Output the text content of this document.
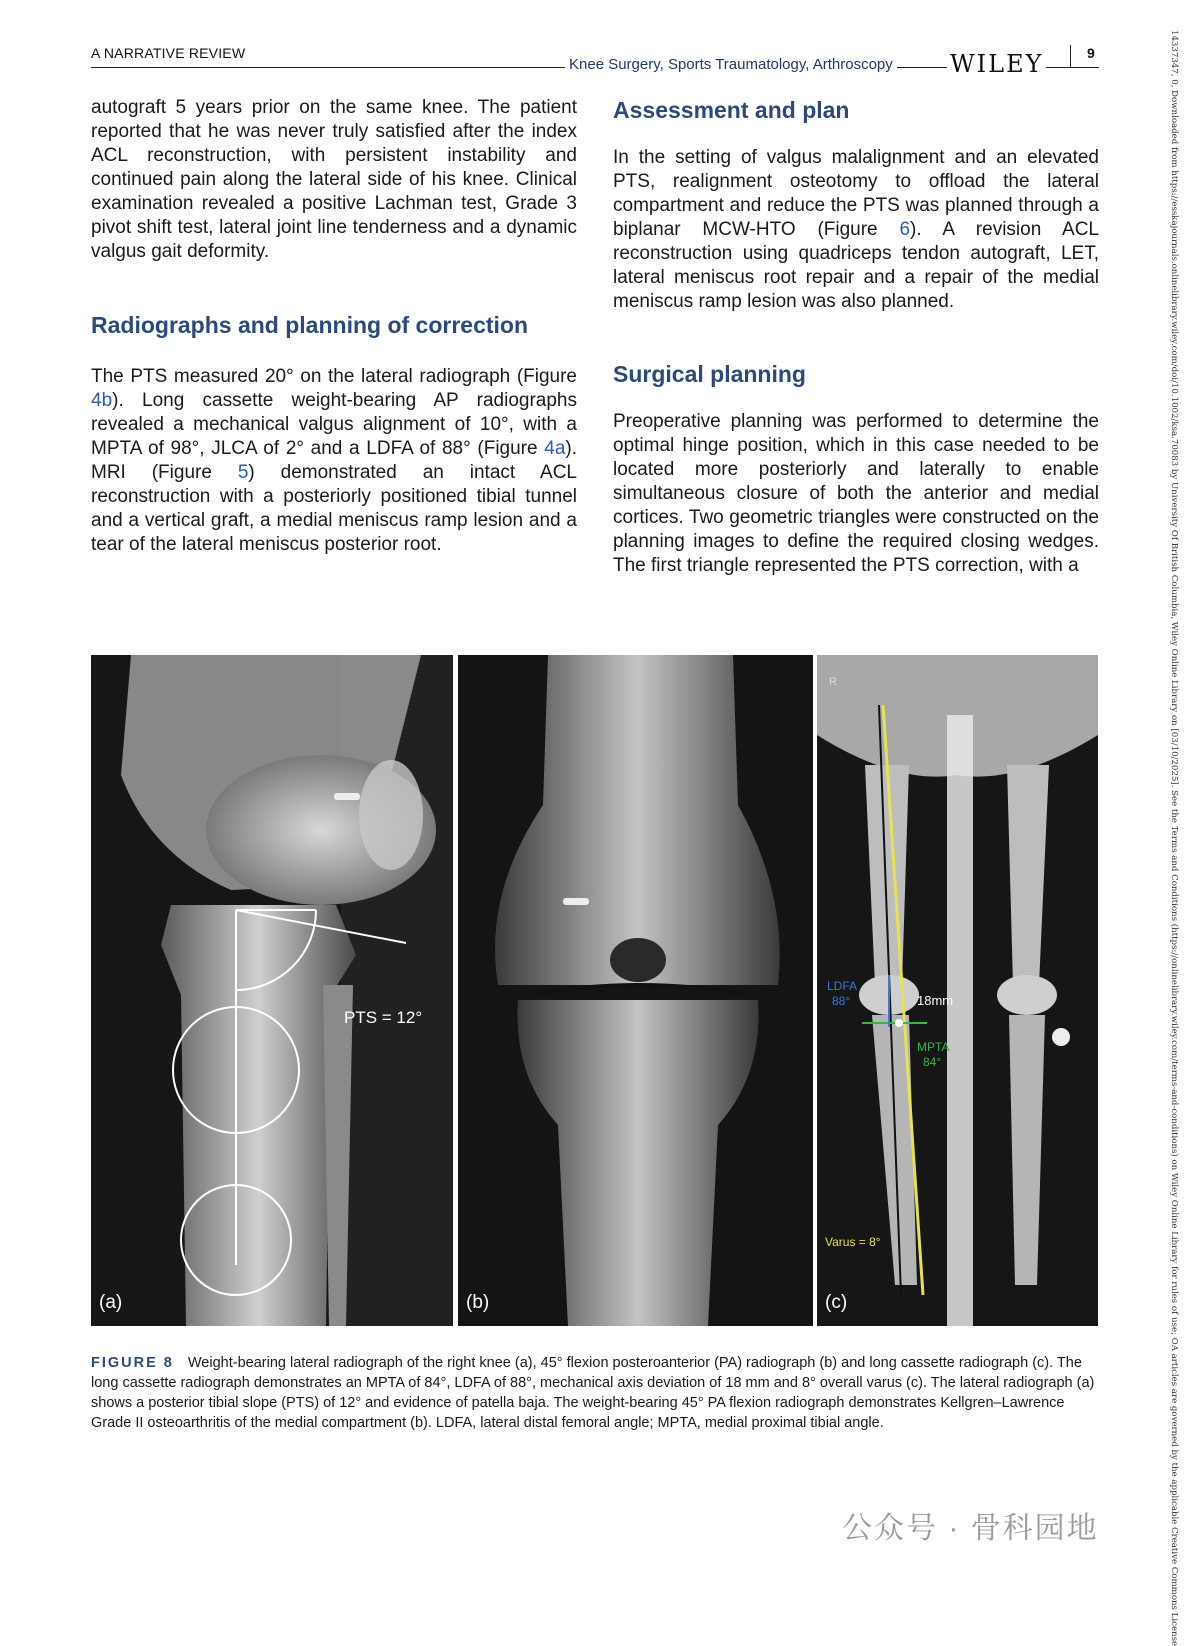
A NARRATIVE REVIEW
Knee Surgery, Sports Traumatology, Arthroscopy WILEY	9

autograft 5 years prior on the same knee. The patient reported that he was never truly satisfied after the index ACL reconstruction, with persistent instability and continued pain along the lateral side of his knee. Clinical examination revealed a positive Lachman test, Grade 3 pivot shift test, lateral joint line tenderness and a dynamic valgus gait deformity.

Radiographs and planning of correction

The PTS measured 20° on the lateral radiograph (Figure 4b). Long cassette weight-bearing AP radiographs revealed a mechanical valgus alignment of 10°, with a MPTA of 98°, JLCA of 2° and a LDFA of 88° (Figure 4a). MRI (Figure 5) demonstrated an intact ACL reconstruction with a posteriorly positioned tibial tunnel and a vertical graft, a medial meniscus ramp lesion and a tear of the lateral meniscus posterior root.

Assessment and plan

In the setting of valgus malalignment and an elevated PTS, realignment osteotomy to offload the lateral compartment and reduce the PTS was planned through a biplanar MCW-HTO (Figure 6). A revision ACL reconstruction using quadriceps tendon autograft, LET, lateral meniscus root repair and a repair of the medial meniscus ramp lesion was also planned.

Surgical planning

Preoperative planning was performed to determine the optimal hinge position, which in this case needed to be located more posteriorly and laterally to enable simultaneous closure of both the anterior and medial cortices. Two geometric triangles were constructed on the planning images to define the required closing wedges. The first triangle represented the PTS correction, with a

PTS = 12°
(a)	(b)
LDFA
88°	18mm
MPTA
84°
Varus = 8°
R
(c)
FIGURE 8 Weight-bearing lateral radiograph of the right knee (a), 45° flexion posteroanterior (PA) radiograph (b) and long cassette radiograph (c). The long cassette radiograph demonstrates an MPTA of 84°, LDFA of 88°, mechanical axis deviation of 18 mm and 8° overall varus (c). The lateral radiograph (a) shows a posterior tibial slope (PTS) of 12° and evidence of patella baja. The weight-bearing 45° PA flexion radiograph demonstrates Kellgren–Lawrence Grade II osteoarthritis of the medial compartment (b). LDFA, lateral distal femoral angle; MPTA, medial proximal tibial angle.	14337347, 0, Downloaded from https://esskajournals.onlinelibrary.wiley.com/doi/10.1002/ksa.70083 by University Of British Columbia, Wiley Online Library on [03/10/2025]. See the Terms and Conditions (https://onlinelibrary.wiley.com/terms-and-conditions) on Wiley Online Library for rules of use; OA articles are governed by the applicable Creative Commons License
公众号 · 骨科园地
